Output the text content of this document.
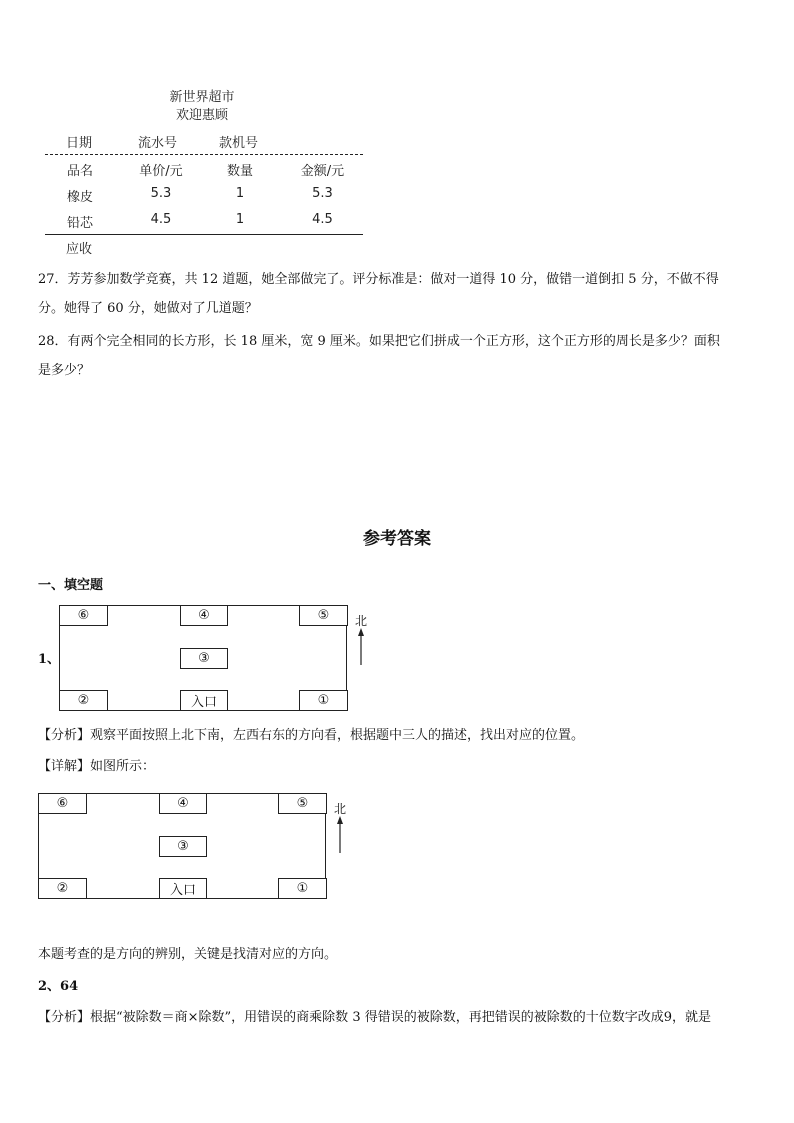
新世界超市
欢迎惠顾
日期	流水号	款机号
品名	单价/元	数量	金额/元
橡皮	5.3	1	5.3
铅芯	4.5	1	4.5
应收
27．芳芳参加数学竞赛，共 12 道题，她全部做完了。评分标准是：做对一道得 10 分，做错一道倒扣 5 分，不做不得
分。她得了 60 分，她做对了几道题？
28．有两个完全相同的长方形，长 18 厘米，宽 9 厘米。如果把它们拼成一个正方形，这个正方形的周长是多少？面积
是多少？
参考答案
一、填空题
1、
⑥	④	⑤
③
②	入口	①
北
【分析】观察平面按照上北下南，左西右东的方向看，根据题中三人的描述，找出对应的位置。
【详解】如图所示：
⑥	④	⑤
③
②	入口	①
北
本题考查的是方向的辨别，关键是找清对应的方向。
2、64
【分析】根据“被除数＝商×除数”，用错误的商乘除数 3 得错误的被除数，再把错误的被除数的十位数字改成9，就是
